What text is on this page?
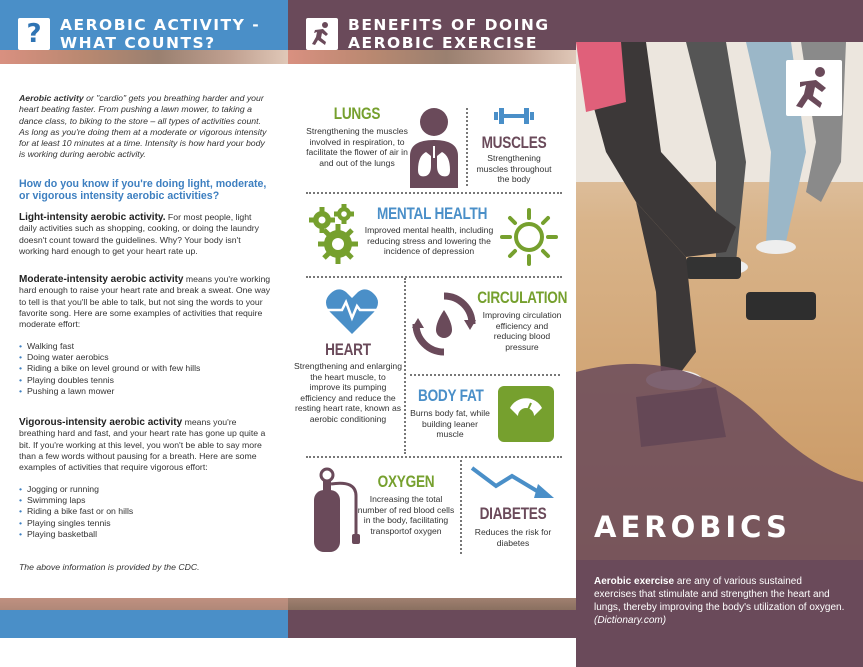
?	AEROBIC ACTIVITY -
WHAT COUNTS?

Aerobic activity or "cardio" gets you breathing harder and your heart beating faster. From pushing a lawn mower, to taking a dance class, to biking to the store – all types of activities count. As long as you're doing them at a moderate or vigorous intensity for at least 10 minutes at a time. Intensity is how hard your body is working during aerobic activity.

How do you know if you're doing light, moderate, or vigorous intensity aerobic activities?

Light-intensity aerobic activity. For most people, light daily activities such as shopping, cooking, or doing the laundry doesn't count toward the guidelines. Why? Your body isn't working hard enough to get your heart rate up.

Moderate-intensity aerobic activity means you're working hard enough to raise your heart rate and break a sweat. One way to tell is that you'll be able to talk, but not sing the words to your favorite song. Here are some examples of activities that require moderate effort:

• Walking fast
• Doing water aerobics
• Riding a bike on level ground or with few hills
• Playing doubles tennis
• Pushing a lawn mower

Vigorous-intensity aerobic activity means you're breathing hard and fast, and your heart rate has gone up quite a bit. If you're working at this level, you won't be able to say more than a few words without pausing for a breath. Here are some examples of activities that require vigorous effort:

• Jogging or running
• Swimming laps
• Riding a bike fast or on hills
• Playing singles tennis
• Playing basketball

The above information is provided by the CDC.

BENEFITS OF DOING
AEROBIC EXERCISE
LUNGS
Strengthening the muscles involved in respiration, to facilitate the flower of air in and out of the lungs
MUSCLES
Strengthening muscles throughout the body
MENTAL HEALTH
Improved mental health, including reducing stress and lowering the incidence of depression
HEART
Strengthening and enlarging the heart muscle, to improve its pumping efficiency and reduce the resting heart rate, known as aerobic conditioning
CIRCULATION
Improving circulation efficiency and reducing blood pressure
BODY FAT
Burns body fat, while building leaner muscle
OXYGEN
Increasing the total number of red blood cells in the body, facilitating transportof oxygen
DIABETES
Reduces the risk for diabetes	AEROBICS

Aerobic exercise are any of various sustained exercises that stimulate and strengthen the heart and lungs, thereby improving the body's utilization of oxygen. (Dictionary.com)
